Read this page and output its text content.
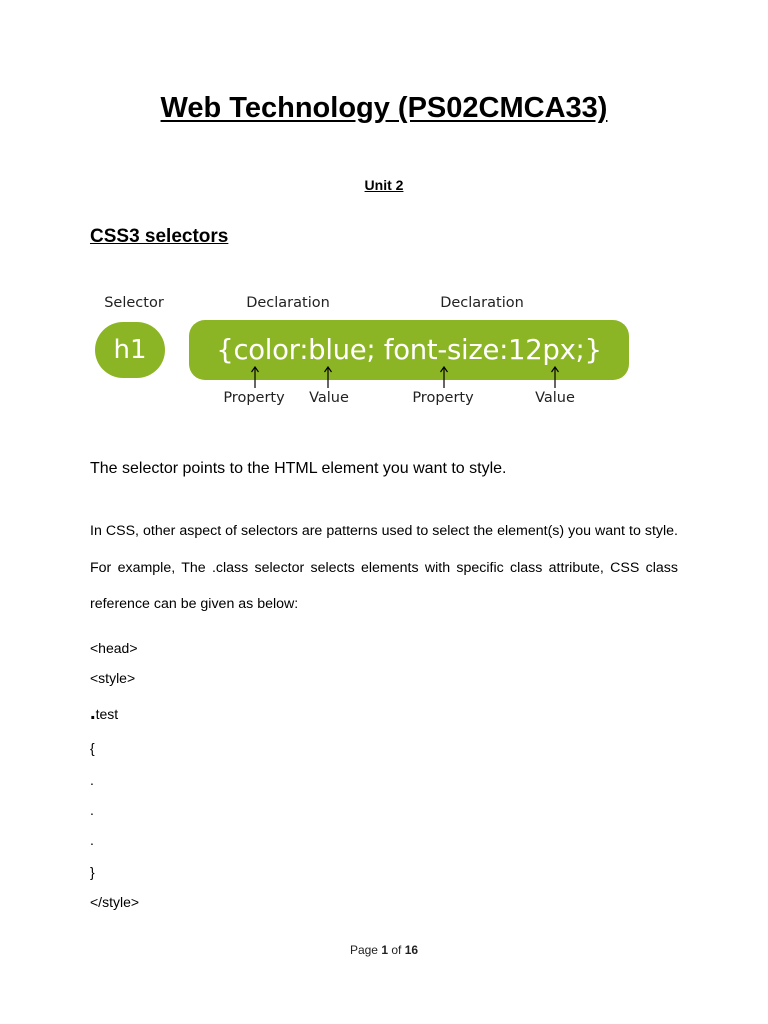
Web Technology (PS02CMCA33)
Unit 2
CSS3 selectors
Selector	Declaration	Declaration
h1	{color:blue; font-size:12px;}
Property Value	Property	Value
The selector points to the HTML element you want to style.
In CSS, other aspect of selectors are patterns used to select the element(s) you want to style. For example, The .class selector selects elements with specific class attribute, CSS class reference can be given as below:
<head>
<style>
.test
{
.
.
.
}
</style>
Page 1 of 16
